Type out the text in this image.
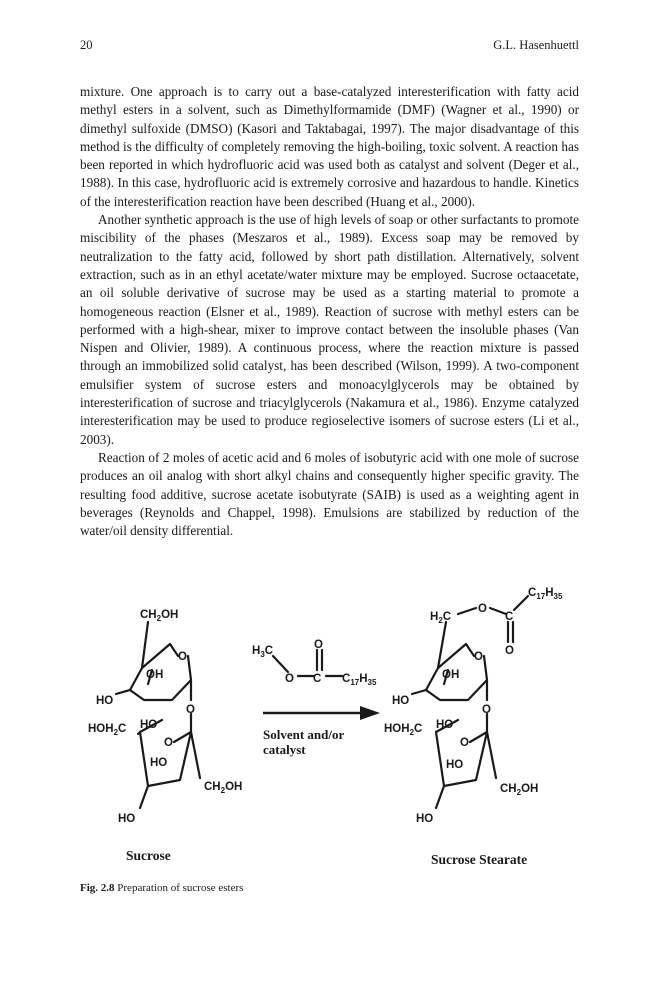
20	G.L. Hasenhuettl

mixture. One approach is to carry out a base-catalyzed interesterification with fatty acid methyl esters in a solvent, such as Dimethylformamide (DMF) (Wagner et al., 1990) or dimethyl sulfoxide (DMSO) (Kasori and Taktabagai, 1997). The major disadvantage of this method is the difficulty of completely removing the high-boiling, toxic solvent. A reaction has been reported in which hydrofluoric acid was used both as catalyst and solvent (Deger et al., 1988). In this case, hydrofluoric acid is extremely corrosive and hazardous to handle. Kinetics of the interesterification reaction have been described (Huang et al., 2000).

Another synthetic approach is the use of high levels of soap or other surfactants to promote miscibility of the phases (Meszaros et al., 1989). Excess soap may be removed by neutralization to the fatty acid, followed by short path distillation. Alternatively, solvent extraction, such as in an ethyl acetate/water mixture may be employed. Sucrose octaacetate, an oil soluble derivative of sucrose may be used as a starting material to promote a homogeneous reaction (Elsner et al., 1989). Reaction of sucrose with methyl esters can be performed with a high-shear, mixer to improve contact between the insoluble phases (Van Nispen and Olivier, 1989). A continuous process, where the reaction mixture is passed through an immobilized solid catalyst, has been described (Wilson, 1999). A two-component emulsifier system of sucrose esters and monoacylglycerols may be obtained by interesterification of sucrose and triacylglycerols (Nakamura et al., 1986). Enzyme catalyzed interesterification may be used to produce regioselective isomers of sucrose esters (Li et al., 2003).

Reaction of 2 moles of acetic acid and 6 moles of isobutyric acid with one mole of sucrose produces an oil analog with short alkyl chains and consequently higher specific gravity. The resulting food additive, sucrose acetate isobutyrate (SAIB) is used as a weighting agent in beverages (Reynolds and Chappel, 1998). Emulsions are stabilized by reduction of the water/oil density differential.

$CH_2OH$
O
OH
HO
O
$HOH_2C$ HO
O
HO
$CH_2OH$
HO
$H_3C$	O
O C $C_{17}H_{35}$
Solvent and/or
catalyst
$H_2C$
O
C
O
$C_{17}H_{35}$
O
OH
HO
O
$HOH_2C$ HO
O
HO
$CH_2OH$
HO
Sucrose	Sucrose Stearate
Fig. 2.8 Preparation of sucrose esters
